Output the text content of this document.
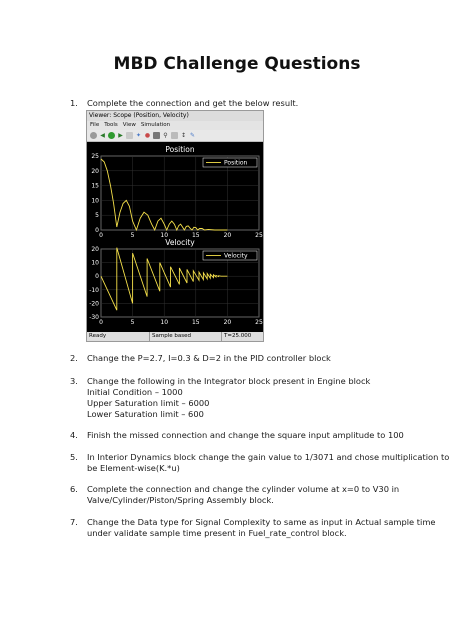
MBD Challenge Questions
1. Complete the connection and get the below result.
Viewer: Scope (Position, Velocity)
File Tools View Simulation
◀ ▶ ✦ ● ⚲ ↕ ✎
Position
0	5	10	15	20	25
0
5
10
15
20
25
Position
Velocity
0	5	10	15	20	25
20
10
0
-10
-20
-30
Velocity
Ready	Sample based	T=25.000
2. Change the P=2.7, I=0.3 & D=2 in the PID controller block
3. Change the following in the Integrator block present in Engine block
Initial Condition – 1000
Upper Saturation limit – 6000
Lower Saturation limit – 600
4. Finish the missed connection and change the square input amplitude to 100
5. In Interior Dynamics block change the gain value to 1/3071 and chose multiplication to
be Element-wise(K.*u)
6. Complete the connection and change the cylinder volume at x=0 to V30 in
Valve/Cylinder/Piston/Spring Assembly block.
7. Change the Data type for Signal Complexity to same as input in Actual sample time
under validate sample time present in Fuel_rate_control block.
